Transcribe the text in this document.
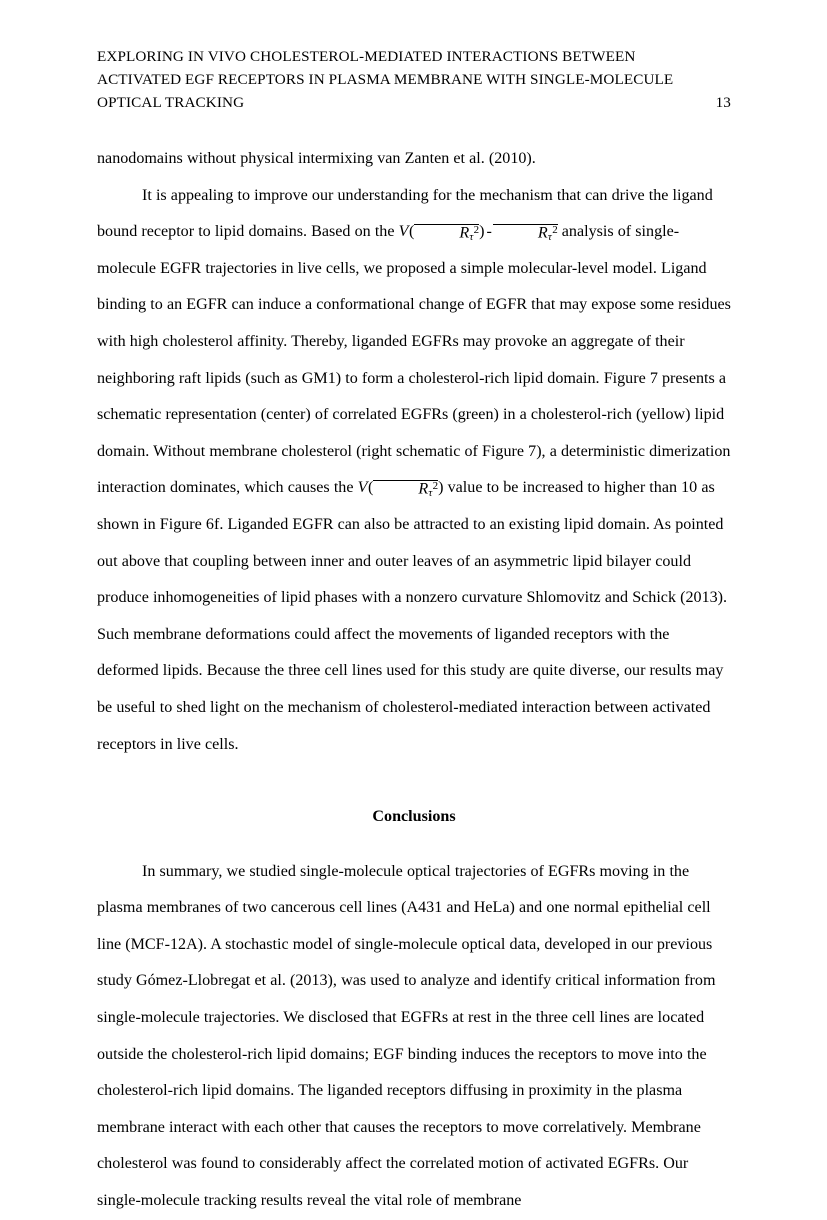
EXPLORING IN VIVO CHOLESTEROL-MEDIATED INTERACTIONS BETWEEN
ACTIVATED EGF RECEPTORS IN PLASMA MEMBRANE WITH SINGLE-MOLECULE
OPTICAL TRACKING	13

nanodomains without physical intermixing van Zanten et al. (2010).

It is appealing to improve our understanding for the mechanism that can drive the ligand bound receptor to lipid domains. Based on the V(	$R_\tau^2$) -	$R_\tau^2$ analysis of single-molecule EGFR trajectories in live cells, we proposed a simple molecular-level model. Ligand binding to an EGFR can induce a conformational change of EGFR that may expose some residues with high cholesterol affinity. Thereby, liganded EGFRs may provoke an aggregate of their neighboring raft lipids (such as GM1) to form a cholesterol-rich lipid domain. Figure 7 presents a schematic representation (center) of correlated EGFRs (green) in a cholesterol-rich (yellow) lipid domain. Without membrane cholesterol (right schematic of Figure 7), a deterministic dimerization interaction dominates, which causes the V(	$R_\tau^2$) value to be increased to higher than 10 as shown in Figure 6f. Liganded EGFR can also be attracted to an existing lipid domain. As pointed out above that coupling between inner and outer leaves of an asymmetric lipid bilayer could produce inhomogeneities of lipid phases with a nonzero curvature Shlomovitz and Schick (2013). Such membrane deformations could affect the movements of liganded receptors with the deformed lipids. Because the three cell lines used for this study are quite diverse, our results may be useful to shed light on the mechanism of cholesterol-mediated interaction between activated receptors in live cells.

Conclusions

In summary, we studied single-molecule optical trajectories of EGFRs moving in the plasma membranes of two cancerous cell lines (A431 and HeLa) and one normal epithelial cell line (MCF-12A). A stochastic model of single-molecule optical data, developed in our previous study Gómez-Llobregat et al. (2013), was used to analyze and identify critical information from single-molecule trajectories. We disclosed that EGFRs at rest in the three cell lines are located outside the cholesterol-rich lipid domains; EGF binding induces the receptors to move into the cholesterol-rich lipid domains. The liganded receptors diffusing in proximity in the plasma membrane interact with each other that causes the receptors to move correlatively. Membrane cholesterol was found to considerably affect the correlated motion of activated EGFRs. Our single-molecule tracking results reveal the vital role of membrane
